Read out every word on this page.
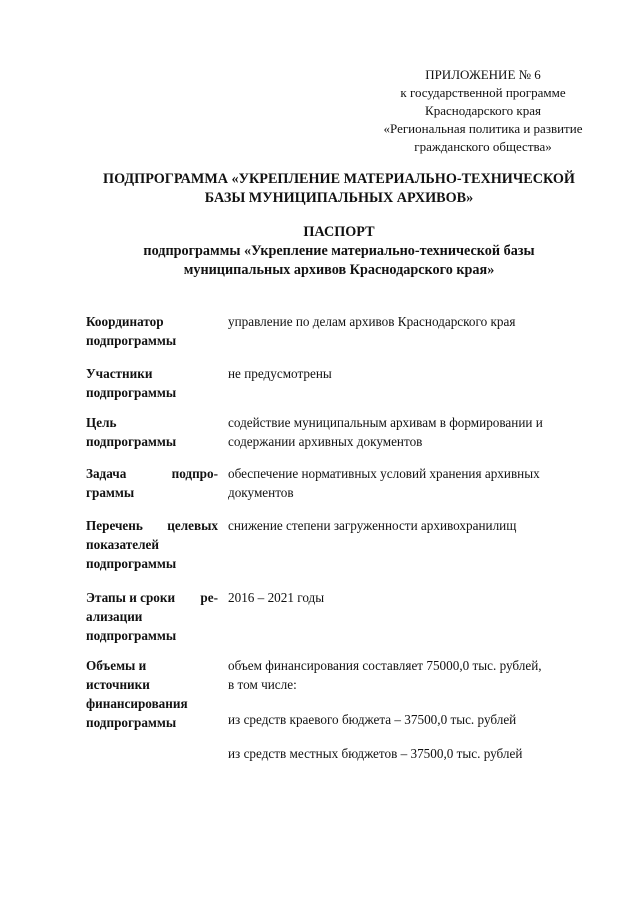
ПРИЛОЖЕНИЕ № 6
к государственной программе
Краснодарского края
«Региональная политика и развитие
гражданского общества»
ПОДПРОГРАММА «УКРЕПЛЕНИЕ МАТЕРИАЛЬНО-ТЕХНИЧЕСКОЙ
БАЗЫ МУНИЦИПАЛЬНЫХ АРХИВОВ»
ПАСПОРТ
подпрограммы «Укрепление материально-технической базы
муниципальных архивов Краснодарского края»
Координатор
подпрограммы
управление по делам архивов Краснодарского края
Участники
подпрограммы
не предусмотрены
Цель
подпрограммы
содействие муниципальным архивам в формировании и
содержании архивных документов
Задача	подпро-
граммы
обеспечение нормативных условий хранения архивных
документов
Перечень целевых
показателей
подпрограммы
снижение степени загруженности архивохранилищ
Этапы и сроки ре-
ализации
подпрограммы
2016 – 2021 годы
Объемы и
источники
финансирования
подпрограммы
объем финансирования составляет 75000,0 тыс. рублей,
в том числе:
из средств краевого бюджета – 37500,0 тыс. рублей
из средств местных бюджетов – 37500,0 тыс. рублей
